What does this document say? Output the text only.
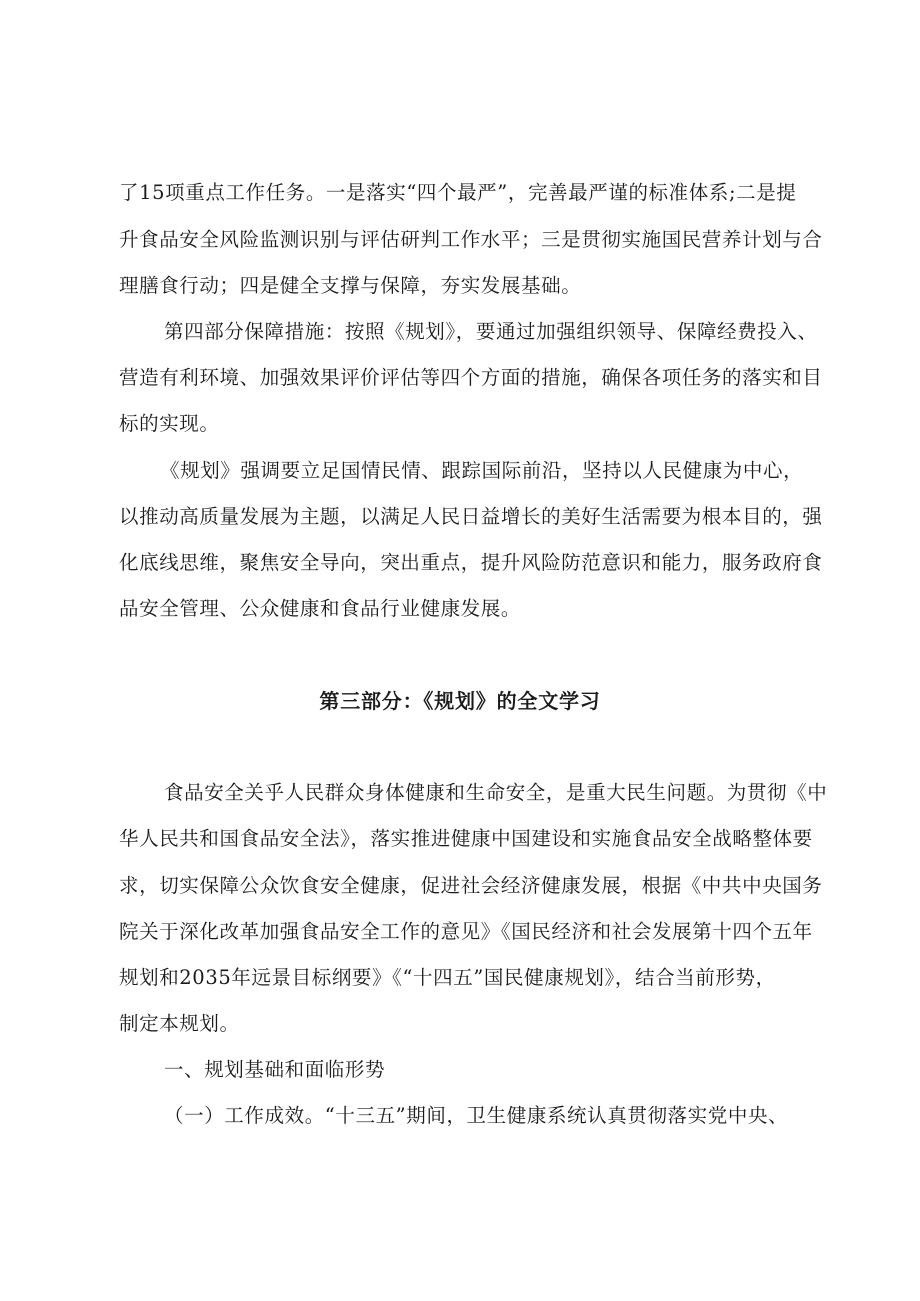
了15项重点工作任务。一是落实“四个最严”，完善最严谨的标准体系;二是提
升食品安全风险监测识别与评估研判工作水平；三是贯彻实施国民营养计划与合
理膳食行动；四是健全支撑与保障，夯实发展基础。
第四部分保障措施：按照《规划》，要通过加强组织领导、保障经费投入、
营造有利环境、加强效果评价评估等四个方面的措施，确保各项任务的落实和目
标的实现。
《规划》强调要立足国情民情、跟踪国际前沿，坚持以人民健康为中心，
以推动高质量发展为主题，以满足人民日益增长的美好生活需要为根本目的，强
化底线思维，聚焦安全导向，突出重点，提升风险防范意识和能力，服务政府食
品安全管理、公众健康和食品行业健康发展。
第三部分：《规划》的全文学习
食品安全关乎人民群众身体健康和生命安全，是重大民生问题。为贯彻《中
华人民共和国食品安全法》，落实推进健康中国建设和实施食品安全战略整体要
求，切实保障公众饮食安全健康，促进社会经济健康发展，根据《中共中央国务
院关于深化改革加强食品安全工作的意见》《国民经济和社会发展第十四个五年
规划和2035年远景目标纲要》《“十四五”国民健康规划》，结合当前形势，
制定本规划。
一、规划基础和面临形势
（一）工作成效。“十三五”期间，卫生健康系统认真贯彻落实党中央、
